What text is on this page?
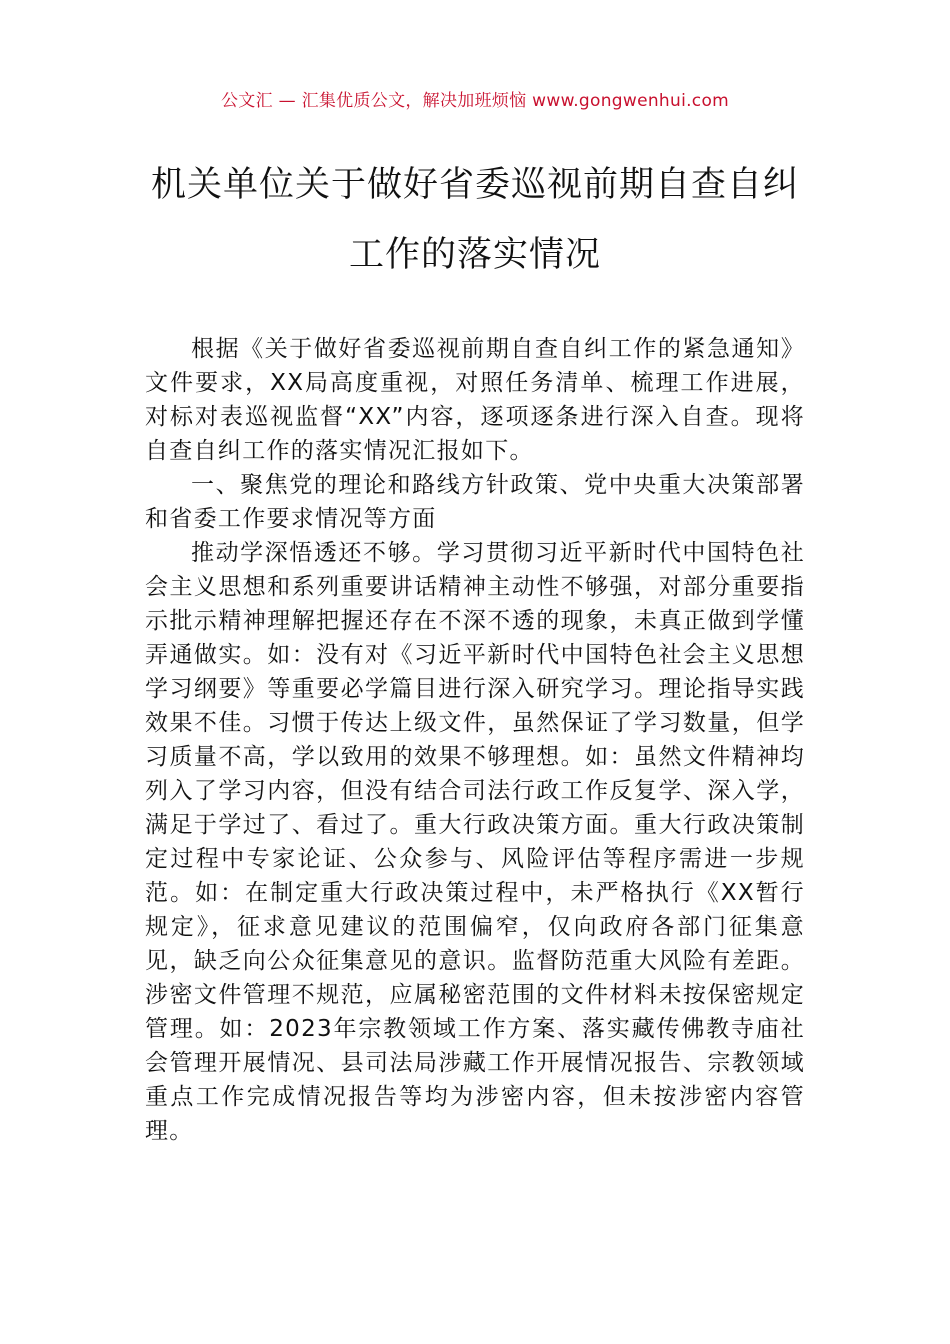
公文汇 — 汇集优质公文，解决加班烦恼 www.gongwenhui.com
机关单位关于做好省委巡视前期自查自纠
工作的落实情况

根据《关于做好省委巡视前期自查自纠工作的紧急通知》文件要求，XX局高度重视，对照任务清单、梳理工作进展，对标对表巡视监督“XX”内容，逐项逐条进行深入自查。现将自查自纠工作的落实情况汇报如下。

一、聚焦党的理论和路线方针政策、党中央重大决策部署和省委工作要求情况等方面

推动学深悟透还不够。学习贯彻习近平新时代中国特色社会主义思想和系列重要讲话精神主动性不够强，对部分重要指示批示精神理解把握还存在不深不透的现象，未真正做到学懂弄通做实。如：没有对《习近平新时代中国特色社会主义思想学习纲要》等重要必学篇目进行深入研究学习。理论指导实践效果不佳。习惯于传达上级文件，虽然保证了学习数量，但学习质量不高，学以致用的效果不够理想。如：虽然文件精神均列入了学习内容，但没有结合司法行政工作反复学、深入学，满足于学过了、看过了。重大行政决策方面。重大行政决策制定过程中专家论证、公众参与、风险评估等程序需进一步规范。如：在制定重大行政决策过程中，未严格执行《XX暂行规定》，征求意见建议的范围偏窄，仅向政府各部门征集意见，缺乏向公众征集意见的意识。监督防范重大风险有差距。涉密文件管理不规范，应属秘密范围的文件材料未按保密规定管理。如：2023年宗教领域工作方案、落实藏传佛教寺庙社会管理开展情况、县司法局涉藏工作开展情况报告、宗教领域重点工作完成情况报告等均为涉密内容，但未按涉密内容管理。
